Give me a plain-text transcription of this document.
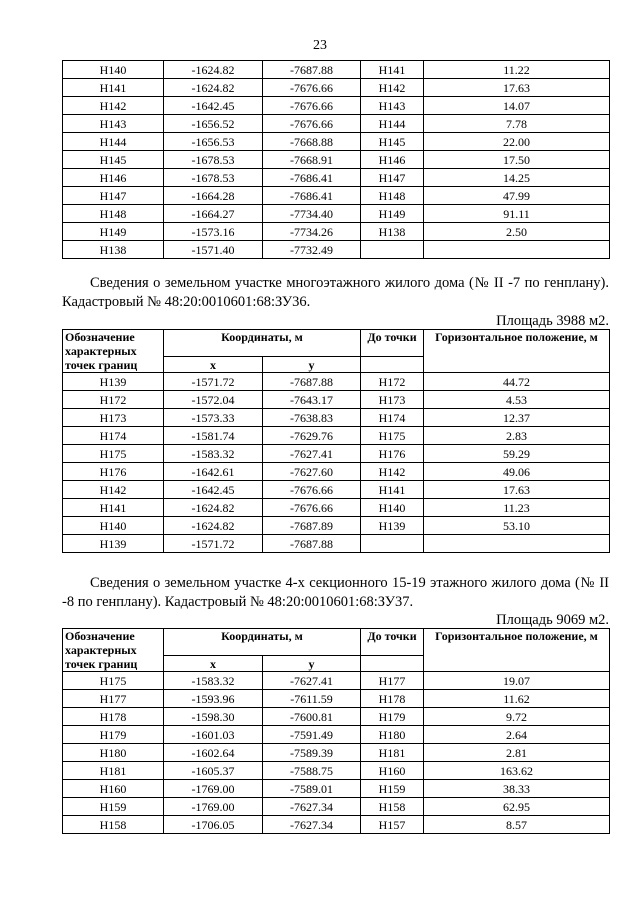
23
Н140	-1624.82	-7687.88	Н141	11.22
Н141	-1624.82	-7676.66	Н142	17.63
Н142	-1642.45	-7676.66	Н143	14.07
Н143	-1656.52	-7676.66	Н144	7.78
Н144	-1656.53	-7668.88	Н145	22.00
Н145	-1678.53	-7668.91	Н146	17.50
Н146	-1678.53	-7686.41	Н147	14.25
Н147	-1664.28	-7686.41	Н148	47.99
Н148	-1664.27	-7734.40	Н149	91.11
Н149	-1573.16	-7734.26	Н138	2.50
Н138	-1571.40	-7732.49		

Сведения о земельном участке многоэтажного жилого дома (№ II -7 по генплану). Кадастровый № 48:20:0010601:68:ЗУ36.

Площадь 3988 м2.

Обозначение характерных точек границ	Координаты, м		До точки	Горизонтальное положение, м
	x	y		
Н139	-1571.72	-7687.88	Н172	44.72
Н172	-1572.04	-7643.17	Н173	4.53
Н173	-1573.33	-7638.83	Н174	12.37
Н174	-1581.74	-7629.76	Н175	2.83
Н175	-1583.32	-7627.41	Н176	59.29
Н176	-1642.61	-7627.60	Н142	49.06
Н142	-1642.45	-7676.66	Н141	17.63
Н141	-1624.82	-7676.66	Н140	11.23
Н140	-1624.82	-7687.89	Н139	53.10
Н139	-1571.72	-7687.88		

Сведения о земельном участке 4-х секционного 15-19 этажного жилого дома (№ II -8 по генплану). Кадастровый № 48:20:0010601:68:ЗУ37.

Площадь 9069 м2.

Обозначение характерных точек границ	Координаты, м		До точки	Горизонтальное положение, м
	x	y		
Н175	-1583.32	-7627.41	Н177	19.07
Н177	-1593.96	-7611.59	Н178	11.62
Н178	-1598.30	-7600.81	Н179	9.72
Н179	-1601.03	-7591.49	Н180	2.64
Н180	-1602.64	-7589.39	Н181	2.81
Н181	-1605.37	-7588.75	Н160	163.62
Н160	-1769.00	-7589.01	Н159	38.33
Н159	-1769.00	-7627.34	Н158	62.95
Н158	-1706.05	-7627.34	Н157	8.57
